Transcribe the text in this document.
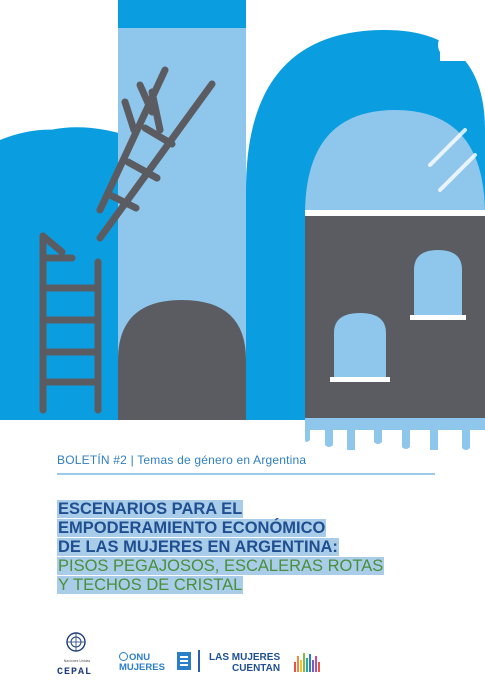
BOLETÍN #2 | Temas de género en Argentina
ESCENARIOS PARA EL
EMPODERAMIENTO ECONÓMICO
DE LAS MUJERES EN ARGENTINA:
PISOS PEGAJOSOS, ESCALERAS ROTAS
Y TECHOS DE CRISTAL
Naciones Unidas
CEPAL
ONU
MUJERES
LAS MUJERES
CUENTAN
